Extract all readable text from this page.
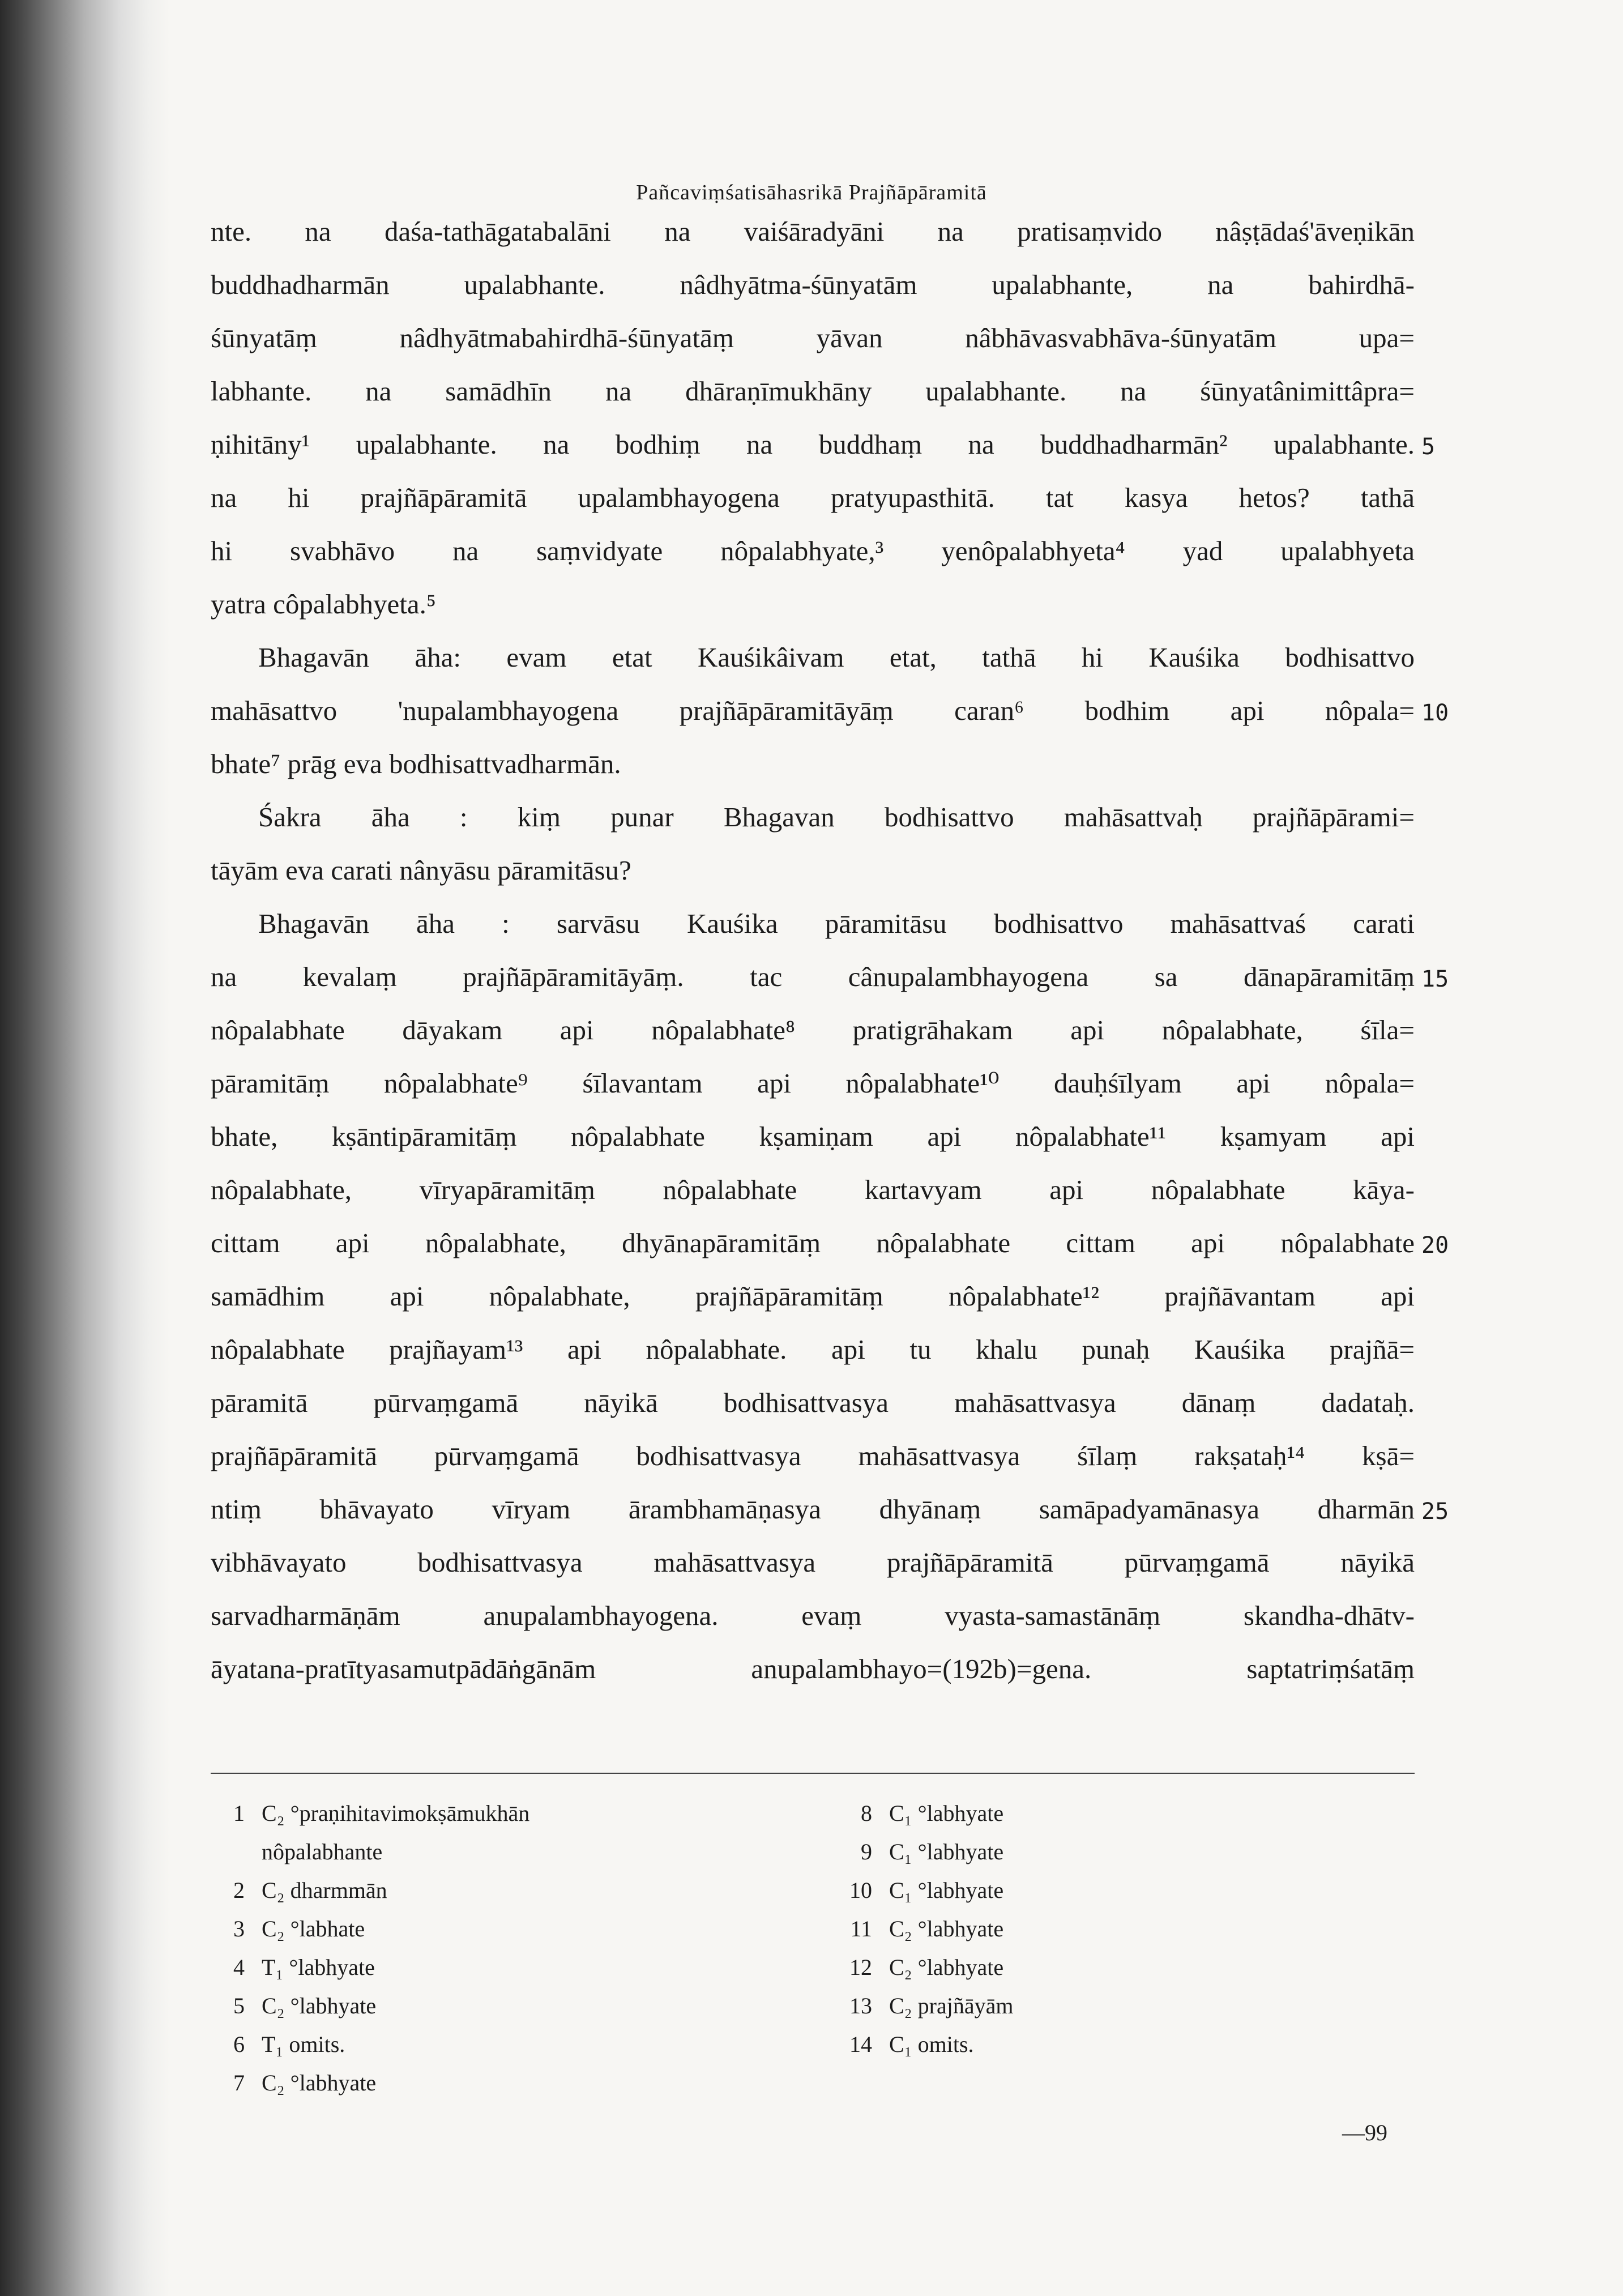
Pañcaviṃśatisāhasrikā Prajñāpāramitā
nte. na daśa-tathāgatabalāni na vaiśāradyāni na pratisaṃvido nâṣṭādaś'āveṇikān
buddhadharmān upalabhante. nâdhyātma-śūnyatām upalabhante, na bahirdhā-
śūnyatāṃ nâdhyātmabahirdhā-śūnyatāṃ yāvan nâbhāvasvabhāva-śūnyatām upa=
labhante. na samādhīn na dhāraṇīmukhāny upalabhante. na śūnyatânimittâpra=
ṇihitāny¹ upalabhante. na bodhiṃ na buddhaṃ na buddhadharmān² upalabhante.
na hi prajñāpāramitā upalambhayogena pratyupasthitā. tat kasya hetos? tathā
hi svabhāvo na saṃvidyate nôpalabhyate,³ yenôpalabhyeta⁴ yad upalabhyeta
yatra côpalabhyeta.⁵
Bhagavān āha: evam etat Kauśikâivam etat, tathā hi Kauśika bodhisattvo
mahāsattvo 'nupalambhayogena prajñāpāramitāyāṃ caran⁶ bodhim api nôpala=
bhate⁷ prāg eva bodhisattvadharmān.
Śakra āha : kiṃ punar Bhagavan bodhisattvo mahāsattvaḥ prajñāpārami=
tāyām eva carati nânyāsu pāramitāsu?
Bhagavān āha : sarvāsu Kauśika pāramitāsu bodhisattvo mahāsattvaś carati
na kevalaṃ prajñāpāramitāyāṃ. tac cânupalambhayogena sa dānapāramitāṃ
nôpalabhate dāyakam api nôpalabhate⁸ pratigrāhakam api nôpalabhate, śīla=
pāramitāṃ nôpalabhate⁹ śīlavantam api nôpalabhate¹⁰ dauḥśīlyam api nôpala=
bhate, kṣāntipāramitāṃ nôpalabhate kṣamiṇam api nôpalabhate¹¹ kṣamyam api
nôpalabhate, vīryapāramitāṃ nôpalabhate kartavyam api nôpalabhate kāya-
cittam api nôpalabhate, dhyānapāramitāṃ nôpalabhate cittam api nôpalabhate
samādhim api nôpalabhate, prajñāpāramitāṃ nôpalabhate¹² prajñāvantam api
nôpalabhate prajñayam¹³ api nôpalabhate. api tu khalu punaḥ Kauśika prajñā=
pāramitā pūrvaṃgamā nāyikā bodhisattvasya mahāsattvasya dānaṃ dadataḥ.
prajñāpāramitā pūrvaṃgamā bodhisattvasya mahāsattvasya śīlaṃ rakṣataḥ¹⁴ kṣā=
ntiṃ bhāvayato vīryam ārambhamāṇasya dhyānaṃ samāpadyamānasya dharmān
vibhāvayato bodhisattvasya mahāsattvasya prajñāpāramitā pūrvaṃgamā nāyikā
sarvadharmāṇām anupalambhayogena. evaṃ vyasta-samastānāṃ skandha-dhātv-
āyatana-pratītyasamutpādāṅgānām anupalambhayo=(192b)=gena. saptatriṃśatāṃ
5
10
15
20
25
1 C₂ °praṇihitavimokṣāmukhān
nôpalabhante
2 C₂ dharmmān
3 C₂ °labhate
4 T₁ °labhyate
5 C₂ °labhyate
6 T₁ omits.
7 C₂ °labhyate
8 C₁ °labhyate
9 C₁ °labhyate
10 C₁ °labhyate
11 C₂ °labhyate
12 C₂ °labhyate
13 C₂ prajñāyām
14 C₁ omits.
—99
